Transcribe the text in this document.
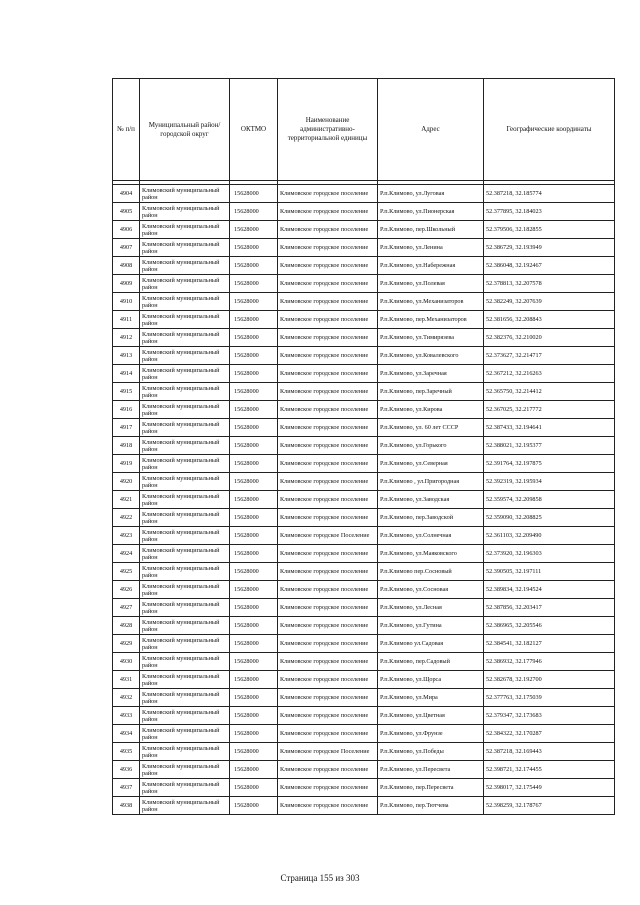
№ п/п	Муниципальный район/городской округ	ОКТМО	Наименование административно-территориальной единицы	Адрес	Географические координаты

4904	Климовский муниципальный район	15628000	Климовское городское поселение	Р.п.Климово, ул.Луговая	52.387218, 32.185774
4905	Климовский муниципальный район	15628000	Климовское городское поселение	Р.п.Климово, ул.Пионерская	52.377895, 32.184023
4906	Климовский муниципальный район	15628000	Климовское городское поселение	Р.п.Климово, пер.Школьный	52.379506, 32.182855
4907	Климовский муниципальный район	15628000	Климовское городское поселение	Р.п.Климово, ул.Ленина	52.386729, 32.193949
4908	Климовский муниципальный район	15628000	Климовское городское поселение	Р.п.Климово, ул.Набережная	52.386048, 32.192467
4909	Климовский муниципальный район	15628000	Климовское городское поселение	Р.п.Климово, ул.Полевая	52.378813, 32.207578
4910	Климовский муниципальный район	15628000	Климовское городское поселение	Р.п.Климово, ул.Механизаторов	52.382249, 32.207639
4911	Климовский муниципальный район	15628000	Климовское городское поселение	Р.п.Климово, пер.Механизаторов	52.381656, 32.208843
4912	Климовский муниципальный район	15628000	Климовское городское поселение	Р.п.Климово, ул.Тимирязева	52.382376, 32.210020
4913	Климовский муниципальный район	15628000	Климовское городское поселение	Р.п.Климово, ул.Ковалевского	52.373627, 32.214717
4914	Климовский муниципальный район	15628000	Климовское городское поселение	Р.п.Климово, ул.Заречная	52.367212, 32.216263
4915	Климовский муниципальный район	15628000	Климовское городское поселение	Р.п.Климово, пер.Заречный	52.365750, 32.214412
4916	Климовский муниципальный район	15628000	Климовское городское поселение	Р.п.Климово, ул.Кирова	52.367025, 32.217772
4917	Климовский муниципальный район	15628000	Климовское городское поселение	Р.п.Климово, ул. 60 лет СССР	52.387433, 32.194641
4918	Климовский муниципальный район	15628000	Климовское городское поселение	Р.п.Климово, ул.Горького	52.388021, 32.195377
4919	Климовский муниципальный район	15628000	Климовское городское поселение	Р.п.Климово, ул.Северная	52.391764, 32.197875
4920	Климовский муниципальный район	15628000	Климовское городское поселение	Р.п.Климово , ул.Пригородная	52.392319, 32.195934
4921	Климовский муниципальный район	15628000	Климовское городское поселение	Р.п.Климово, ул.Заводская	52.359574, 32.209858
4922	Климовский муниципальный район	15628000	Климовское городское поселение	Р.п.Климово, пер.Заводской	52.359090, 32.208825
4923	Климовский муниципальный район	15628000	Климовское городское Поселение	Р.п.Климово, ул.Солнечная	52.361103, 32.209490
4924	Климовский муниципальный район	15628000	Климовское городское поселение	Р.п.Климово, ул.Маяковского	52.373920, 32.196303
4925	Климовский муниципальный район	15628000	Климовское городское поселение	Р.п.Климово пер.Сосновый	52.390505, 32.197111
4926	Климовский муниципальный район	15628000	Климовское городское поселение	Р.п.Климово, ул.Сосновая	52.389834, 32.194524
4927	Климовский муниципальный район	15628000	Климовское городское поселение	Р.п.Климово, ул.Лесная	52.387856, 32.203417
4928	Климовский муниципальный район	15628000	Климовское городское поселение	Р.п.Климово, ул.Гутина	52.386965, 32.205546
4929	Климовский муниципальный район	15628000	Климовское городское поселение	Р.п.Климово ул.Садовая	52.384541, 32.182127
4930	Климовский муниципальный район	15628000	Климовское городское поселение	Р.п.Климово, пер.Садовый	52.386932, 32.177946
4931	Климовский муниципальный район	15628000	Климовское городское поселение	Р.п.Климово, ул.Щорса	52.382678, 32.192700
4932	Климовский муниципальный район	15628000	Климовское городское поселение	Р.п.Климово, ул.Мира	52.377763, 32.175039
4933	Климовский муниципальный район	15628000	Климовское городское поселение	Р.п.Климово, ул.Цветная	52.379347, 32.173683
4934	Климовский муниципальный район	15628000	Климовское городское поселение	Р.п.Климово, ул.Фрунзе	52.384322, 32.170287
4935	Климовский муниципальный район	15628000	Климовское городское Поселение	Р.п.Климово, ул.Победы	52.387218, 32.169443
4936	Климовский муниципальный район	15628000	Климовское городское поселение	Р.п.Климово, ул.Пересвета	52.398721, 32.174455
4937	Климовский муниципальный район	15628000	Климовское городское поселение	Р.п.Климово, пер.Пересвета	52.398017, 32.175449
4938	Климовский муниципальный район	15628000	Климовское городское поселение	Р.п.Климово, пер.Тютчева	52.398259, 32.178767
Страница 155 из 303
